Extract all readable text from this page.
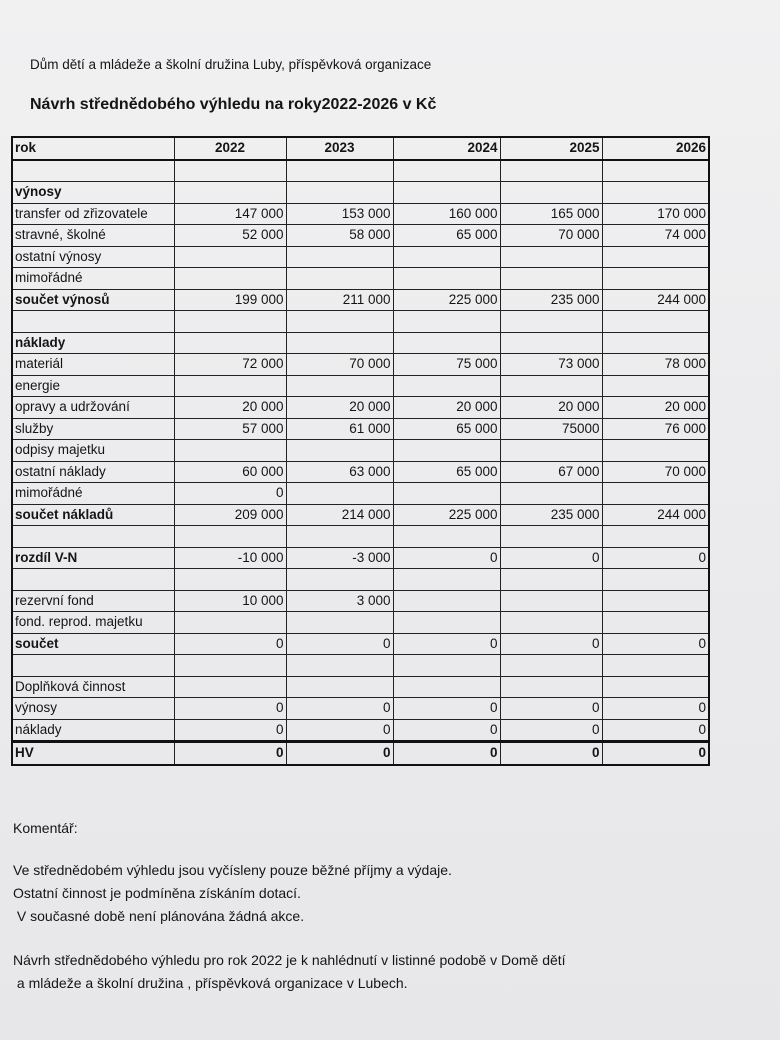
Dům dětí a mládeže a školní družina Luby, příspěvková organizace
Návrh střednědobého výhledu na roky2022-2026 v Kč
rok	2022	2023	2024	2025	2026

výnosy					
transfer od zřizovatele	147 000	153 000	160 000	165 000	170 000
stravné, školné	52 000	58 000	65 000	70 000	74 000
ostatní výnosy					
mimořádné					
součet výnosů	199 000	211 000	225 000	235 000	244 000

náklady					
materiál	72 000	70 000	75 000	73 000	78 000
energie					
opravy a udržování	20 000	20 000	20 000	20 000	20 000
služby	57 000	61 000	65 000	75000	76 000
odpisy majetku					
ostatní náklady	60 000	63 000	65 000	67 000	70 000
mimořádné	0				
součet nákladů	209 000	214 000	225 000	235 000	244 000

rozdíl V-N	-10 000	-3 000	0	0	0

rezervní fond	10 000	3 000			
fond. reprod. majetku					
součet	0	0	0	0	0

Doplňková činnost					
výnosy	0	0	0	0	0
náklady	0	0	0	0	0
HV	0	0	0	0	0
Komentář:
Ve střednědobém výhledu jsou vyčísleny pouze běžné příjmy a výdaje.
Ostatní činnost je podmíněna získáním dotací.
V současné době není plánována žádná akce.
Návrh střednědobého výhledu pro rok 2022 je k nahlédnutí v listinné podobě v Domě dětí
a mládeže a školní družina , příspěvková organizace v Lubech.
